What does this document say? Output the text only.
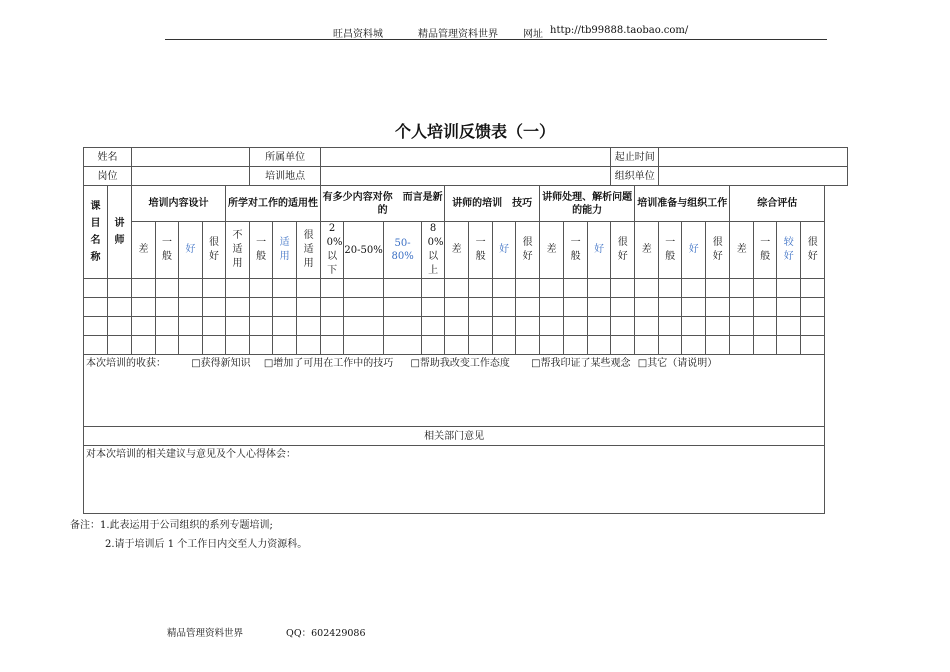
旺昌资料城	精品管理资料世界	网址 http://tb99888.taobao.com/
个人培训反馈表（一）
姓名							所属单位														起止时间								
岗位							培训地点														组织单位								
课目名称	讲师	培训内容设计				所学对工作的适用性				有多少内容对你　而言是新的				讲师的培训　技巧				讲师处理、解析问题的能力				培训准备与组织工作				综合评估			
		差	一般	好	很好	不适用	一般	适用	很适用	20%以下	20-50%	50-80%	80%以上	差	一般	好	很好	差	一般	好	很好	差	一般	好	很好	差	一般	较好	很好

本次培训的收获： □获得新知识 □增加了可用在工作中的技巧 □帮助我改变工作态度 □帮我印证了某些观念 □其它（请说明）																													
相关部门意见																													
对本次培训的相关建议与意见及个人心得体会：																													
备注：1.此表运用于公司组织的系列专题培训;
2.请于培训后 1 个工作日内交至人力资源科。
精品管理资料世界	QQ：602429086
